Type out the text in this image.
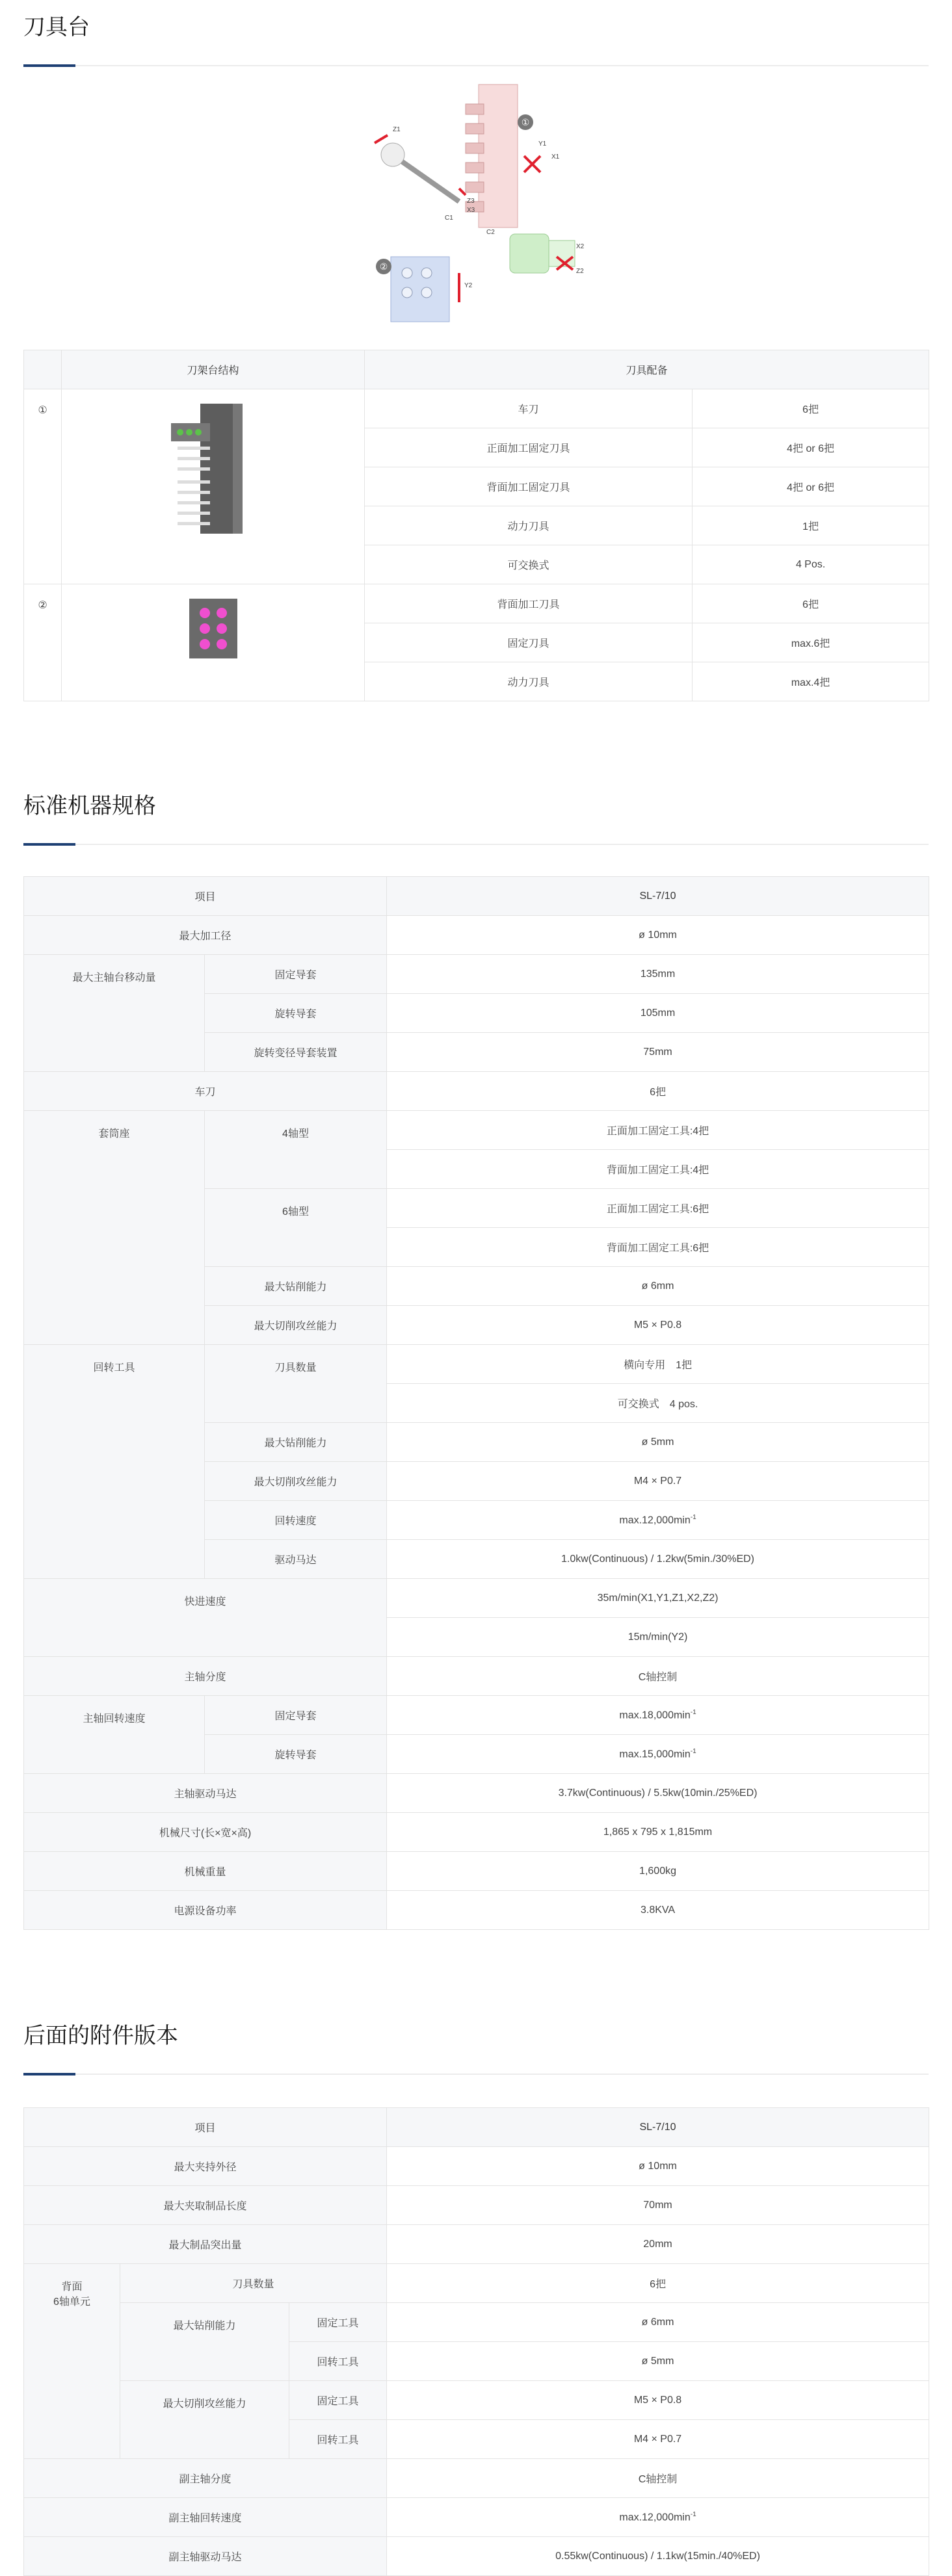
刀具台
①
②
Z1
Y1
X1
C1
Z3
X3
C2
Y2
X2
Z2
	刀架台结构	刀具配备	
①		车刀	6把
		正面加工固定刀具	4把 or 6把
		背面加工固定刀具	4把 or 6把
		动力刀具	1把
		可交换式	4 Pos.
②		背面加工刀具	6把
		固定刀具	max.6把
		动力刀具	max.4把
标准机器规格
项目		SL-7/10
最大加工径		ø 10mm
最大主轴台移动量	固定导套	135mm
	旋转导套	105mm
	旋转变径导套装置	75mm
车刀		6把
套筒座	4轴型	正面加工固定工具:4把
		背面加工固定工具:4把
	6轴型	正面加工固定工具:6把
		背面加工固定工具:6把
	最大钻削能力	ø 6mm
	最大切削攻丝能力	M5 × P0.8
回转工具	刀具数量	横向专用　1把
		可交换式　4 pos.
	最大钻削能力	ø 5mm
	最大切削攻丝能力	M4 × P0.7
	回转速度	$\max.12,000\min^{-1}$
	驱动马达	1.0kw(Continuous) / 1.2kw(5min./30%ED)
快进速度		35m/min(X1,Y1,Z1,X2,Z2)
		15m/min(Y2)
主轴分度		C轴控制
主轴回转速度	固定导套	$\max.18,000\min^{-1}$
	旋转导套	$\max.15,000\min^{-1}$
主轴驱动马达		3.7kw(Continuous) / 5.5kw(10min./25%ED)
机械尺寸(长×宽×高)		1,865 x 795 x 1,815mm
机械重量		1,600kg
电源设备功率		3.8KVA
后面的附件版本
项目			SL-7/10
最大夹持外径			ø 10mm
最大夹取制品长度			70mm
最大制品突出量			20mm

背面
6轴单元	刀具数量		6把
	最大钻削能力	固定工具	ø 6mm
		回转工具	ø 5mm
	最大切削攻丝能力	固定工具	M5 × P0.8
		回转工具	M4 × P0.7
副主轴分度			C轴控制
副主轴回转速度			$\max.12,000\min^{-1}$
副主轴驱动马达			0.55kw(Continuous) / 1.1kw(15min./40%ED)
